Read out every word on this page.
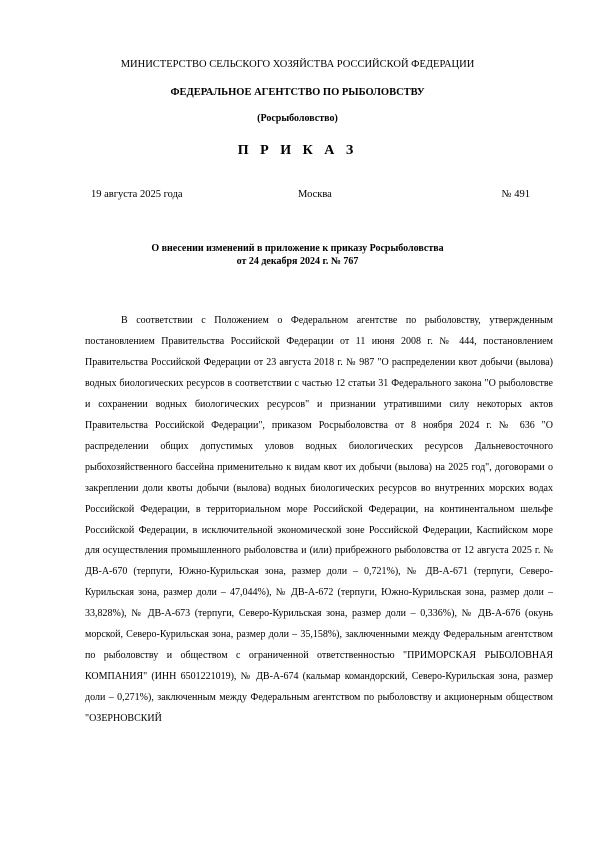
МИНИСТЕРСТВО СЕЛЬСКОГО ХОЗЯЙСТВА РОССИЙСКОЙ ФЕДЕРАЦИИ
ФЕДЕРАЛЬНОЕ АГЕНТСТВО ПО РЫБОЛОВСТВУ
(Росрыболовство)
П Р И К А З
19 августа 2025 года	Москва	№ 491
О внесении изменений в приложение к приказу Росрыболовства
от 24 декабря 2024 г. № 767

В соответствии с Положением о Федеральном агентстве по рыболовству, утвержденным постановлением Правительства Российской Федерации от 11 июня 2008 г. № 444, постановлением Правительства Российской Федерации от 23 августа 2018 г. № 987 "О распределении квот добычи (вылова) водных биологических ресурсов в соответствии с частью 12 статьи 31 Федерального закона "О рыболовстве и сохранении водных биологических ресурсов" и признании утратившими силу некоторых актов Правительства Российской Федерации", приказом Росрыболовства от 8 ноября 2024 г. № 636 "О распределении общих допустимых уловов водных биологических ресурсов Дальневосточного рыбохозяйственного бассейна применительно к видам квот их добычи (вылова) на 2025 год", договорами о закреплении доли квоты добычи (вылова) водных биологических ресурсов во внутренних морских водах Российской Федерации, в территориальном море Российской Федерации, на континентальном шельфе Российской Федерации, в исключительной экономической зоне Российской Федерации, Каспийском море для осуществления промышленного рыболовства и (или) прибрежного рыболовства от 12 августа 2025 г. № ДВ-А-670 (терпуги, Южно-Курильская зона, размер доли – 0,721%), № ДВ-А-671 (терпуги, Северо-Курильская зона, размер доли – 47,044%), № ДВ-А-672 (терпуги, Южно-Курильская зона, размер доли – 33,828%), № ДВ-А-673 (терпуги, Северо-Курильская зона, размер доли – 0,336%), № ДВ-А-676 (окунь морской, Северо-Курильская зона, размер доли – 35,158%), заключенными между Федеральным агентством по рыболовству и обществом с ограниченной ответственностью "ПРИМОРСКАЯ РЫБОЛОВНАЯ КОМПАНИЯ" (ИНН 6501221019), № ДВ-А-674 (кальмар командорский, Северо-Курильская зона, размер доли – 0,271%), заключенным между Федеральным агентством по рыболовству и акционерным обществом "ОЗЕРНОВСКИЙ
